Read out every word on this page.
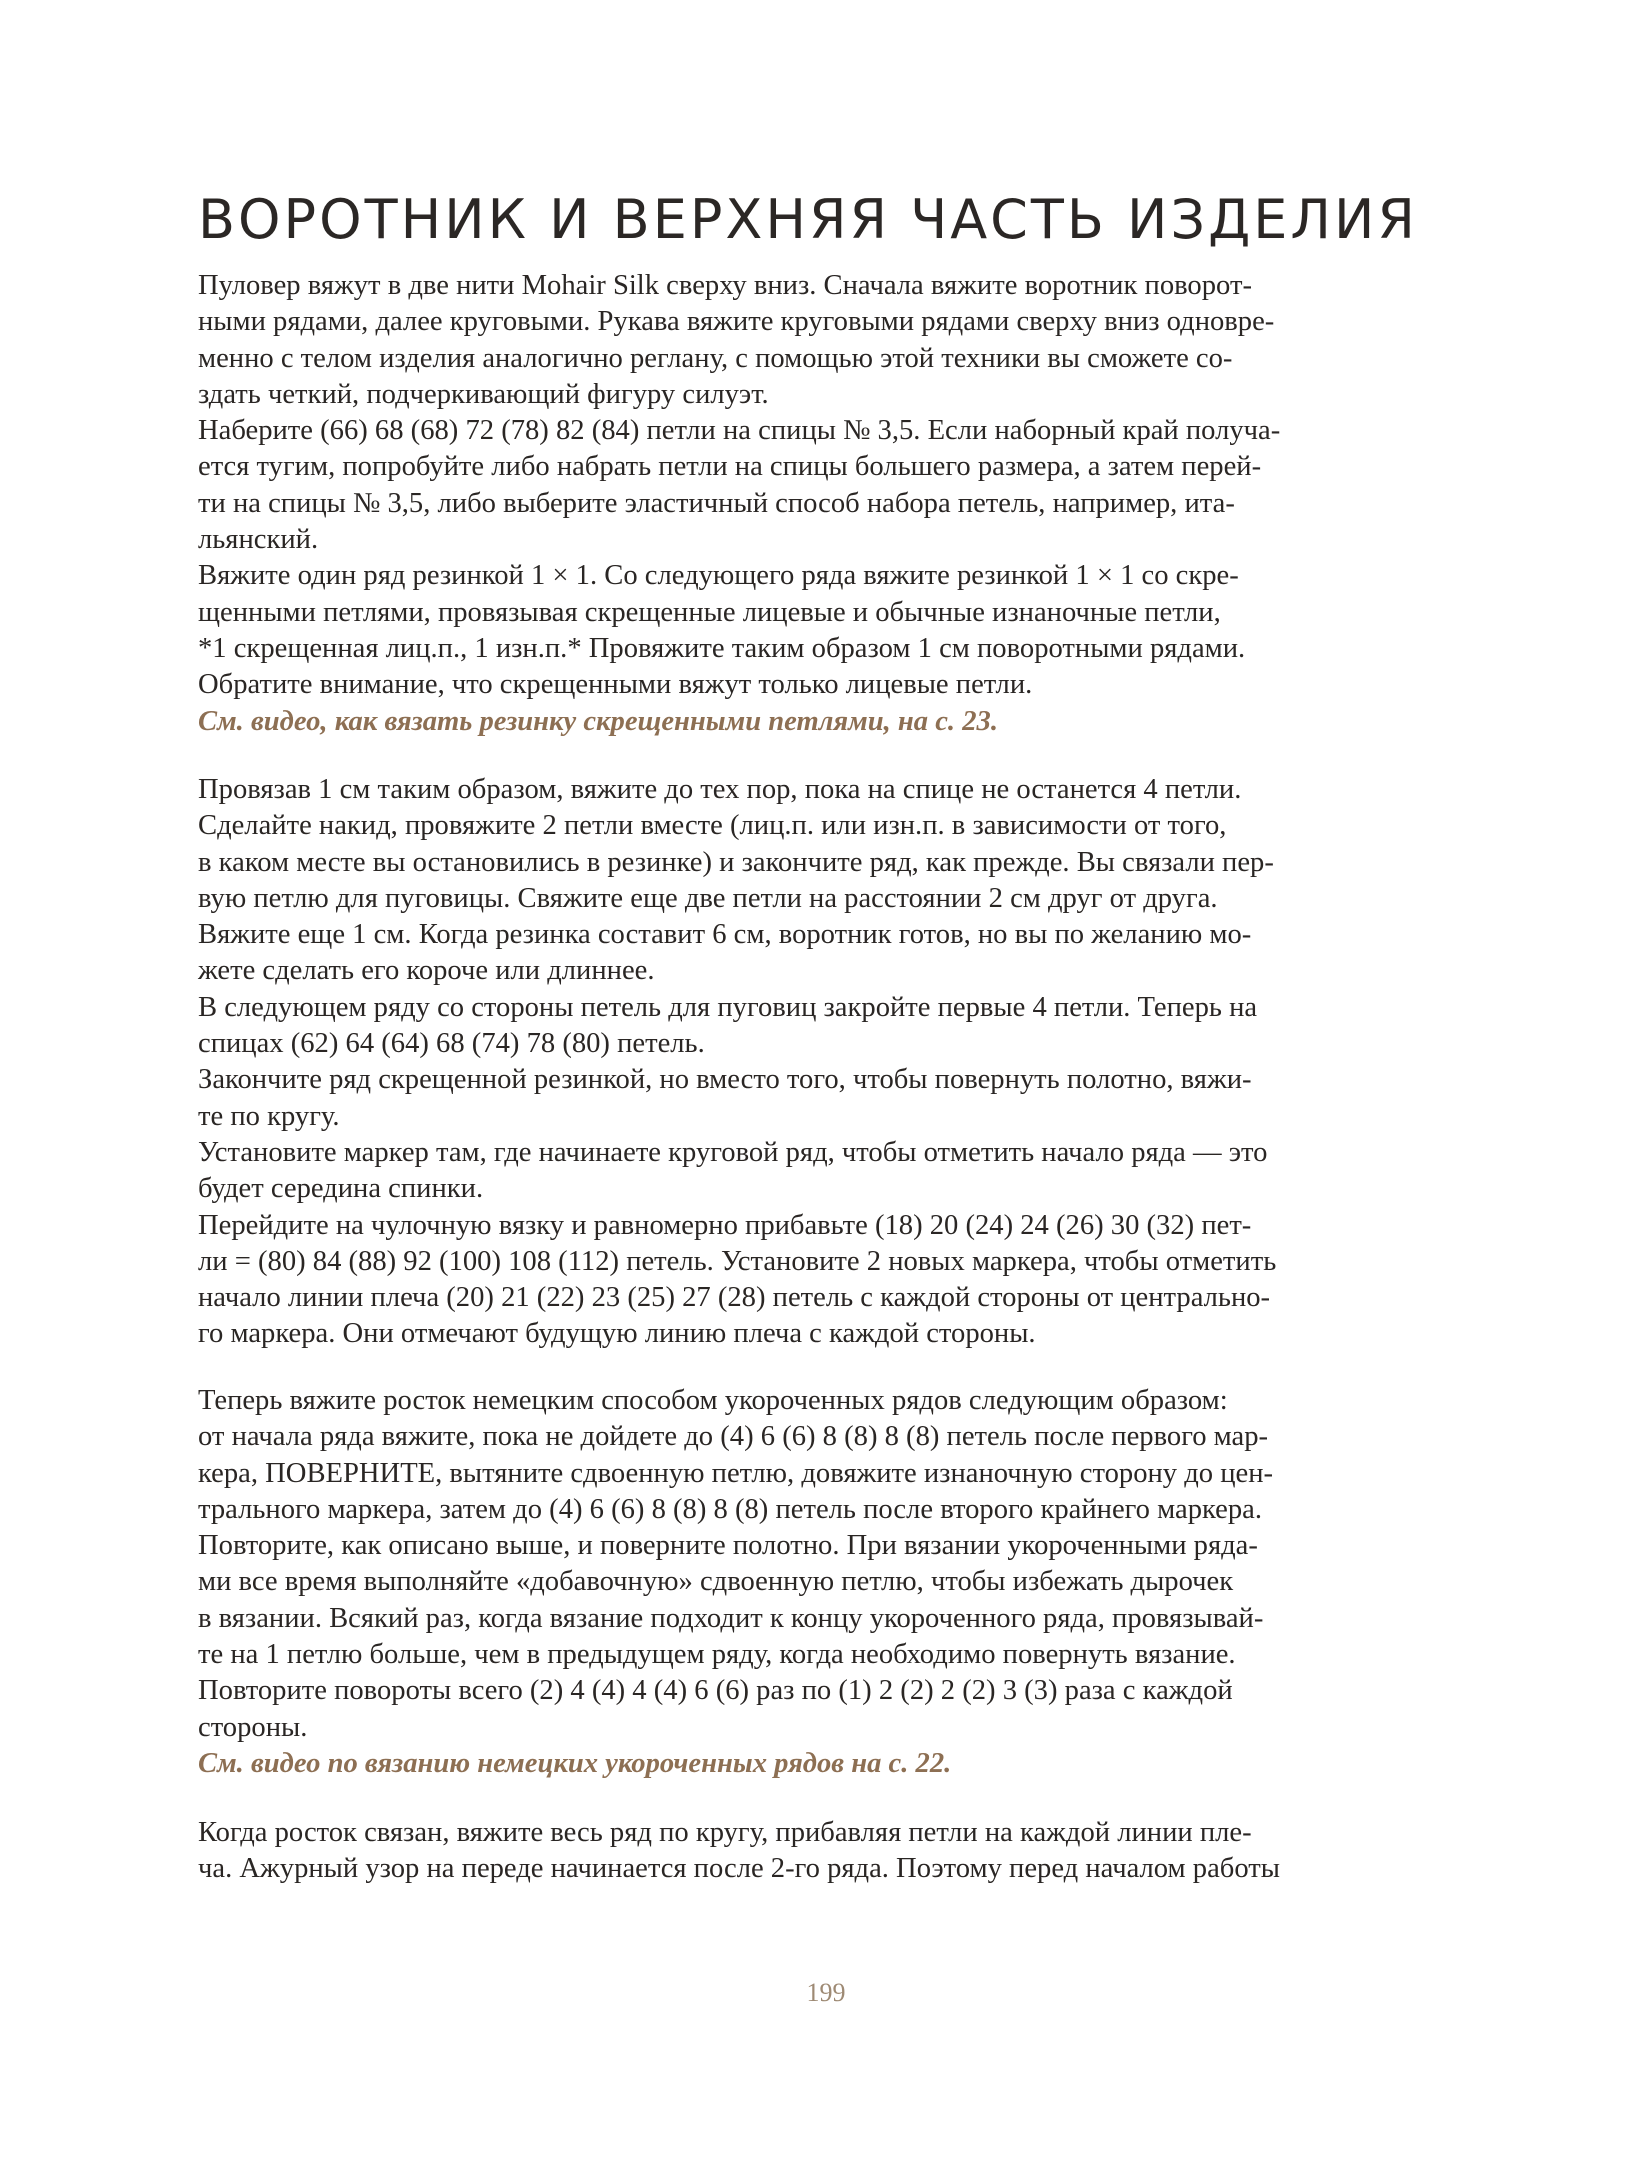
ВОРОТНИК И ВЕРХНЯЯ ЧАСТЬ ИЗДЕЛИЯ
Пуловер вяжут в две нити Mohair Silk сверху вниз. Сначала вяжите воротник поворот-
ными рядами, далее круговыми. Рукава вяжите круговыми рядами сверху вниз одновре-
менно с телом изделия аналогично реглану, с помощью этой техники вы сможете со-
здать четкий, подчеркивающий фигуру силуэт.
Наберите (66) 68 (68) 72 (78) 82 (84) петли на спицы № 3,5. Если наборный край получа-
ется тугим, попробуйте либо набрать петли на спицы большего размера, а затем перей-
ти на спицы № 3,5, либо выберите эластичный способ набора петель, например, ита-
льянский.
Вяжите один ряд резинкой 1 × 1. Со следующего ряда вяжите резинкой 1 × 1 со скре-
щенными петлями, провязывая скрещенные лицевые и обычные изнаночные петли,
*1 скрещенная лиц.п., 1 изн.п.* Провяжите таким образом 1 см поворотными рядами.
Обратите внимание, что скрещенными вяжут только лицевые петли.
См. видео, как вязать резинку скрещенными петлями, на с. 23.
Провязав 1 см таким образом, вяжите до тех пор, пока на спице не останется 4 петли.
Сделайте накид, провяжите 2 петли вместе (лиц.п. или изн.п. в зависимости от того,
в каком месте вы остановились в резинке) и закончите ряд, как прежде. Вы связали пер-
вую петлю для пуговицы. Свяжите еще две петли на расстоянии 2 см друг от друга.
Вяжите еще 1 см. Когда резинка составит 6 см, воротник готов, но вы по желанию мо-
жете сделать его короче или длиннее.
В следующем ряду со стороны петель для пуговиц закройте первые 4 петли. Теперь на
спицах (62) 64 (64) 68 (74) 78 (80) петель.
Закончите ряд скрещенной резинкой, но вместо того, чтобы повернуть полотно, вяжи-
те по кругу.
Установите маркер там, где начинаете круговой ряд, чтобы отметить начало ряда — это
будет середина спинки.
Перейдите на чулочную вязку и равномерно прибавьте (18) 20 (24) 24 (26) 30 (32) пет-
ли = (80) 84 (88) 92 (100) 108 (112) петель. Установите 2 новых маркера, чтобы отметить
начало линии плеча (20) 21 (22) 23 (25) 27 (28) петель с каждой стороны от центрально-
го маркера. Они отмечают будущую линию плеча с каждой стороны.
Теперь вяжите росток немецким способом укороченных рядов следующим образом:
от начала ряда вяжите, пока не дойдете до (4) 6 (6) 8 (8) 8 (8) петель после первого мар-
кера, ПОВЕРНИТЕ, вытяните сдвоенную петлю, довяжите изнаночную сторону до цен-
трального маркера, затем до (4) 6 (6) 8 (8) 8 (8) петель после второго крайнего маркера.
Повторите, как описано выше, и поверните полотно. При вязании укороченными ряда-
ми все время выполняйте «добавочную» сдвоенную петлю, чтобы избежать дырочек
в вязании. Всякий раз, когда вязание подходит к концу укороченного ряда, провязывай-
те на 1 петлю больше, чем в предыдущем ряду, когда необходимо повернуть вязание.
Повторите повороты всего (2) 4 (4) 4 (4) 6 (6) раз по (1) 2 (2) 2 (2) 3 (3) раза с каждой
стороны.
См. видео по вязанию немецких укороченных рядов на с. 22.
Когда росток связан, вяжите весь ряд по кругу, прибавляя петли на каждой линии пле-
ча. Ажурный узор на переде начинается после 2-го ряда. Поэтому перед началом работы
199
